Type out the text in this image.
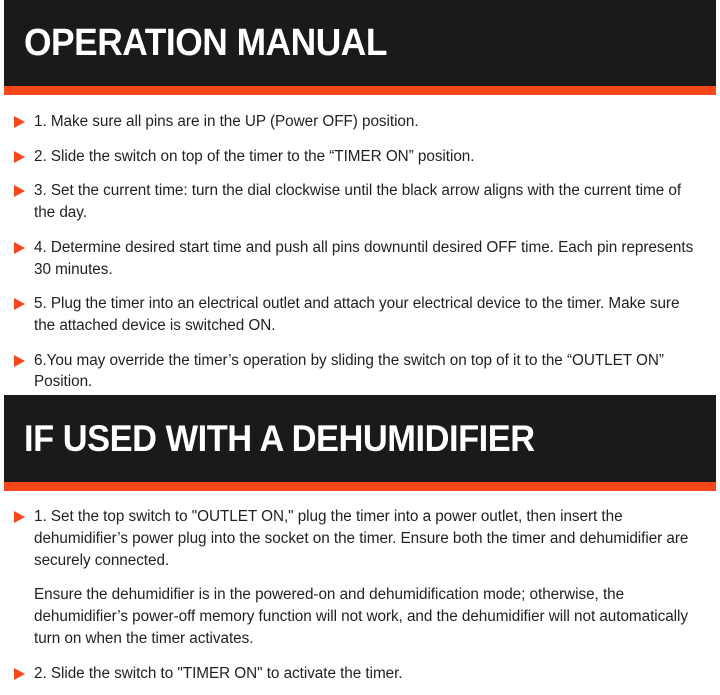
OPERATION MANUAL
1. Make sure all pins are in the UP (Power OFF) position.
2. Slide the switch on top of the timer to the “TIMER ON” position.
3. Set the current time: turn the dial clockwise until the black arrow aligns with the current time of the day.
4. Determine desired start time and push all pins downuntil desired OFF time. Each pin represents 30 minutes.
5. Plug the timer into an electrical outlet and attach your electrical device to the timer. Make sure the attached device is switched ON.
6.You may override the timer’s operation by sliding the switch on top of it to the “OUTLET ON” Position.
IF USED WITH A DEHUMIDIFIER
1. Set the top switch to "OUTLET ON," plug the timer into a power outlet, then insert the dehumidifier’s power plug into the socket on the timer. Ensure both the timer and dehumidifier are securely connected.
Ensure the dehumidifier is in the powered-on and dehumidification mode; otherwise, the dehumidifier’s power-off memory function will not work, and the dehumidifier will not automatically turn on when the timer activates.
2. Slide the switch to "TIMER ON" to activate the timer.
